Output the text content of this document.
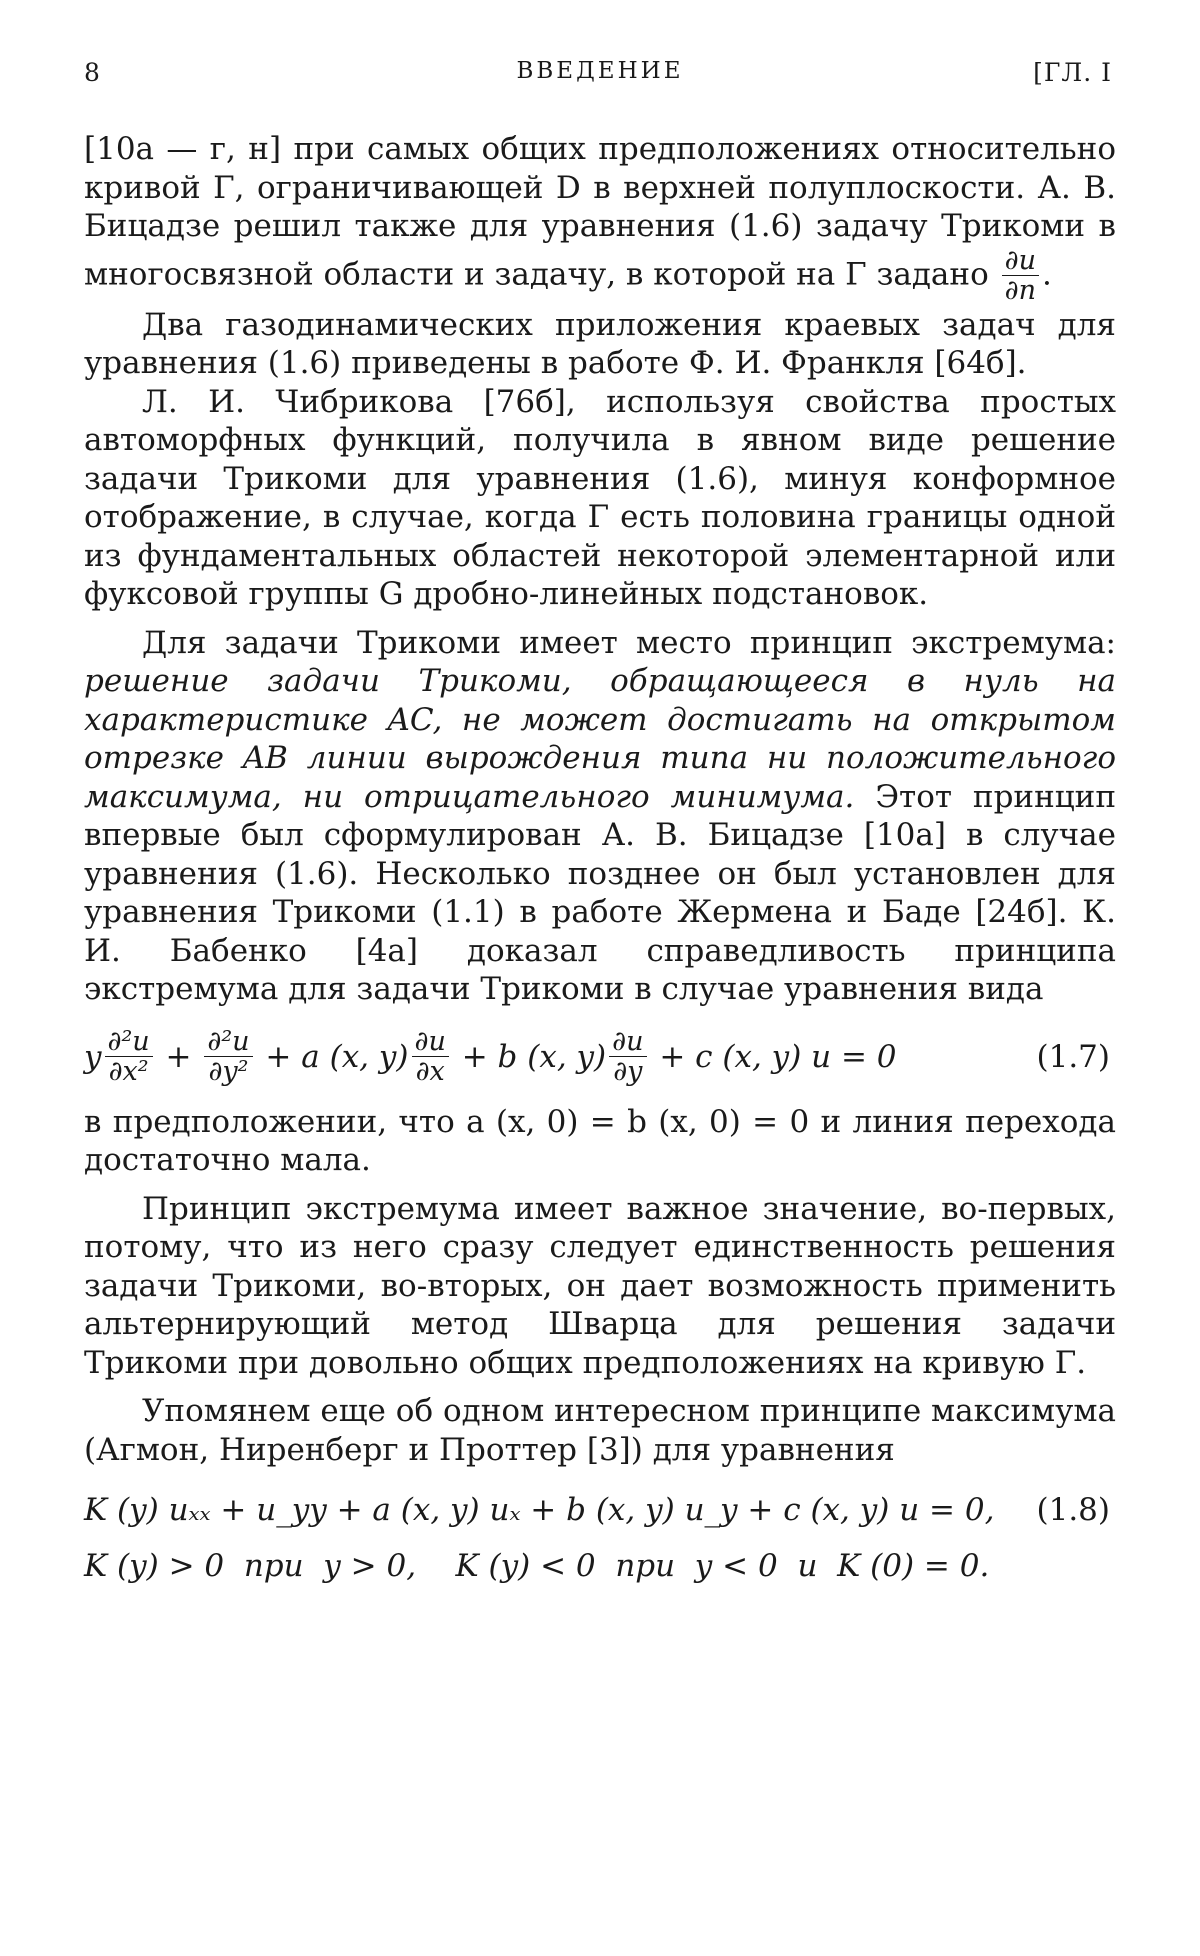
ВВЕДЕНИЕ
8	[ГЛ. I

[10а — г, н] при самых общих предположениях относительно кривой Γ, ограничивающей D в верхней полуплоскости. А. В. Бицадзе решил также для уравнения (1.6) задачу Трикоми в многосвязной области и задачу, в которой на Γ задано $\frac{\partial u}{\partial n}$ .

Два газодинамических приложения краевых задач для уравнения (1.6) приведены в работе Ф. И. Франкля [64б].

Л. И. Чибрикова [76б], используя свойства простых автоморфных функций, получила в явном виде решение задачи Трикоми для уравнения (1.6), минуя конформное отображение, в случае, когда Γ есть половина границы одной из фундаментальных областей некоторой элементарной или фуксовой группы G дробно-линейных подстановок.

Для задачи Трикоми имеет место принцип экстремума: решение задачи Трикоми, обращающееся в нуль на характеристике AC, не может достигать на открытом отрезке AB линии вырождения типа ни положительного максимума, ни отрицательного минимума. Этот принцип впервые был сформулирован А. В. Бицадзе [10а] в случае уравнения (1.6). Несколько позднее он был установлен для уравнения Трикоми (1.1) в работе Жермена и Баде [24б]. К. И. Бабенко [4а] доказал справедливость принципа экстремума для задачи Трикоми в случае уравнения вида

y $\frac{\text{∂²u}}{\text{∂x²}} + \frac{\text{∂²u}}{\text{∂y²}} + a$ (x, $y) \frac{\partial u}{\partial x} + b$ (x, $y) \frac{\partial u}{\partial y} + c$ (x, y) u = 0	(1.7)

в предположении, что a (x, 0) = b (x, 0) = 0 и линия перехода достаточно мала.

Принцип экстремума имеет важное значение, во-первых, потому, что из него сразу следует единственность решения задачи Трикоми, во-вторых, он дает возможность применить альтернирующий метод Шварца для решения задачи Трикоми при довольно общих предположениях на кривую Γ.

Упомянем еще об одном интересном принципе максимума (Агмон, Ниренберг и Проттер [3]) для уравнения

K (y) uₓₓ + u_yy + a (x, y) uₓ + b (x, y) u_y + c (x, y) u = 0, (1.8)
K (y) > 0  при  y > 0,    K (y) < 0  при  y < 0  и  K (0) = 0.
